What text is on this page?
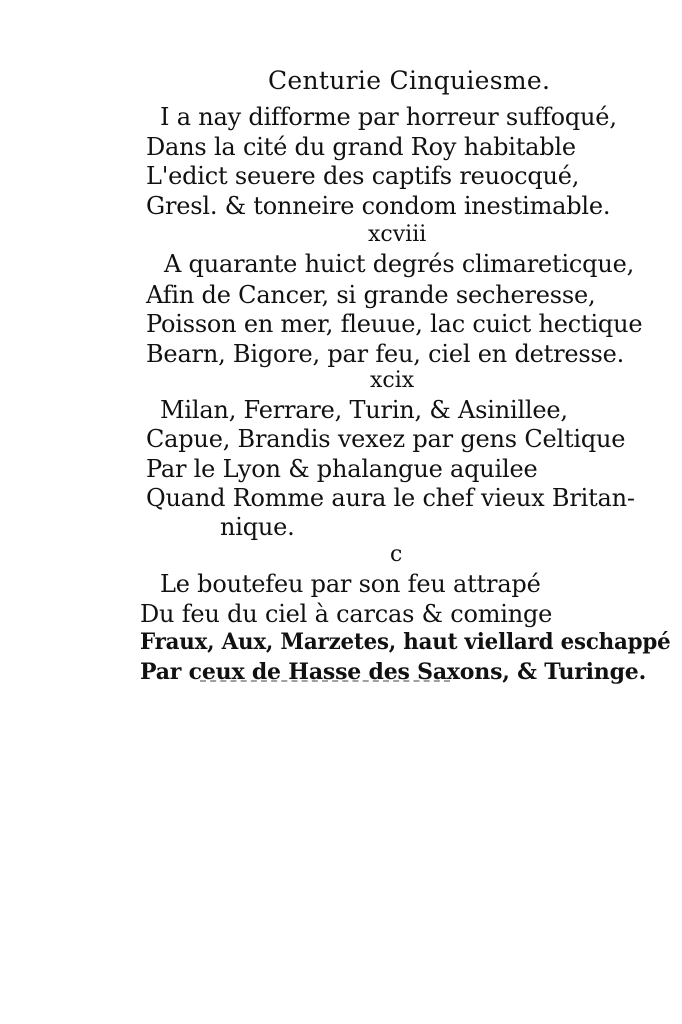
Centurie Cinquiesme.
I a nay difforme par horreur suffoqué,
Dans la cité du grand Roy habitable
L'edict seuere des captifs reuocqué,
Gresl. & tonneire condom inestimable.
xcviii
A quarante huict degrés climareticque,
Afin de Cancer, si grande secheresse,
Poisson en mer, fleuue, lac cuict hectique
Bearn, Bigore, par feu, ciel en detresse.
xcix
Milan, Ferrare, Turin, & Asinillee,
Capue, Brandis vexez par gens Celtique
Par le Lyon & phalangue aquilee
Quand Romme aura le chef vieux Britan-
nique.
c
Le boutefeu par son feu attrapé
Du feu du ciel à carcas & cominge
Fraux, Aux, Marzetes, haut viellard eschappé
Par ceux de Hasse des Saxons, & Turinge.
